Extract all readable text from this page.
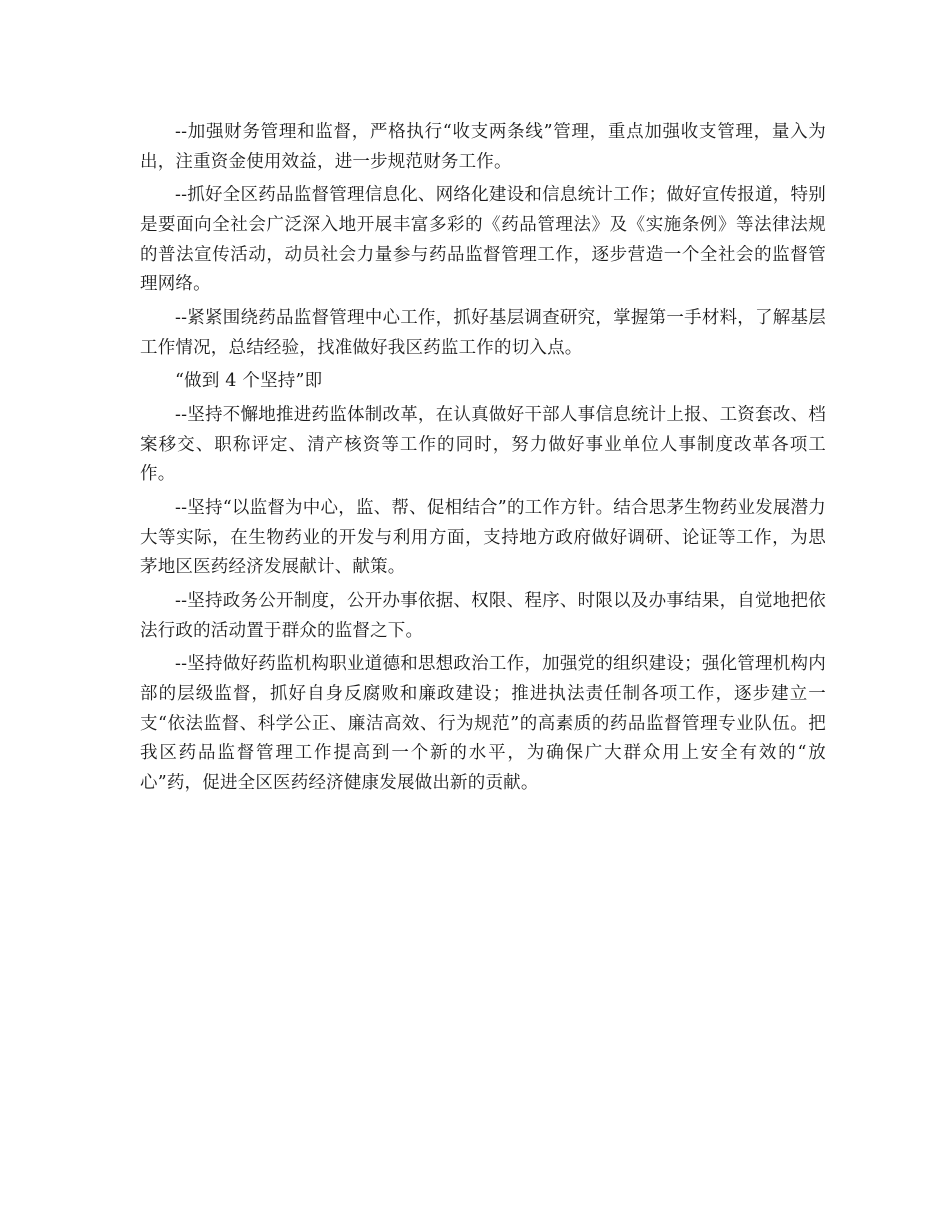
--加强财务管理和监督，严格执行“收支两条线”管理，重点加强收支管理，量入为出，注重资金使用效益，进一步规范财务工作。

--抓好全区药品监督管理信息化、网络化建设和信息统计工作；做好宣传报道，特别是要面向全社会广泛深入地开展丰富多彩的《药品管理法》及《实施条例》等法律法规的普法宣传活动，动员社会力量参与药品监督管理工作，逐步营造一个全社会的监督管理网络。

--紧紧围绕药品监督管理中心工作，抓好基层调查研究，掌握第一手材料，了解基层工作情况，总结经验，找准做好我区药监工作的切入点。

“做到 4 个坚持”即

--坚持不懈地推进药监体制改革，在认真做好干部人事信息统计上报、工资套改、档案移交、职称评定、清产核资等工作的同时，努力做好事业单位人事制度改革各项工作。

--坚持“以监督为中心，监、帮、促相结合”的工作方针。结合思茅生物药业发展潜力大等实际，在生物药业的开发与利用方面，支持地方政府做好调研、论证等工作，为思茅地区医药经济发展献计、献策。

--坚持政务公开制度，公开办事依据、权限、程序、时限以及办事结果，自觉地把依法行政的活动置于群众的监督之下。

--坚持做好药监机构职业道德和思想政治工作，加强党的组织建设；强化管理机构内部的层级监督，抓好自身反腐败和廉政建设；推进执法责任制各项工作，逐步建立一支“依法监督、科学公正、廉洁高效、行为规范”的高素质的药品监督管理专业队伍。把我区药品监督管理工作提高到一个新的水平，为确保广大群众用上安全有效的“放心”药，促进全区医药经济健康发展做出新的贡献。
